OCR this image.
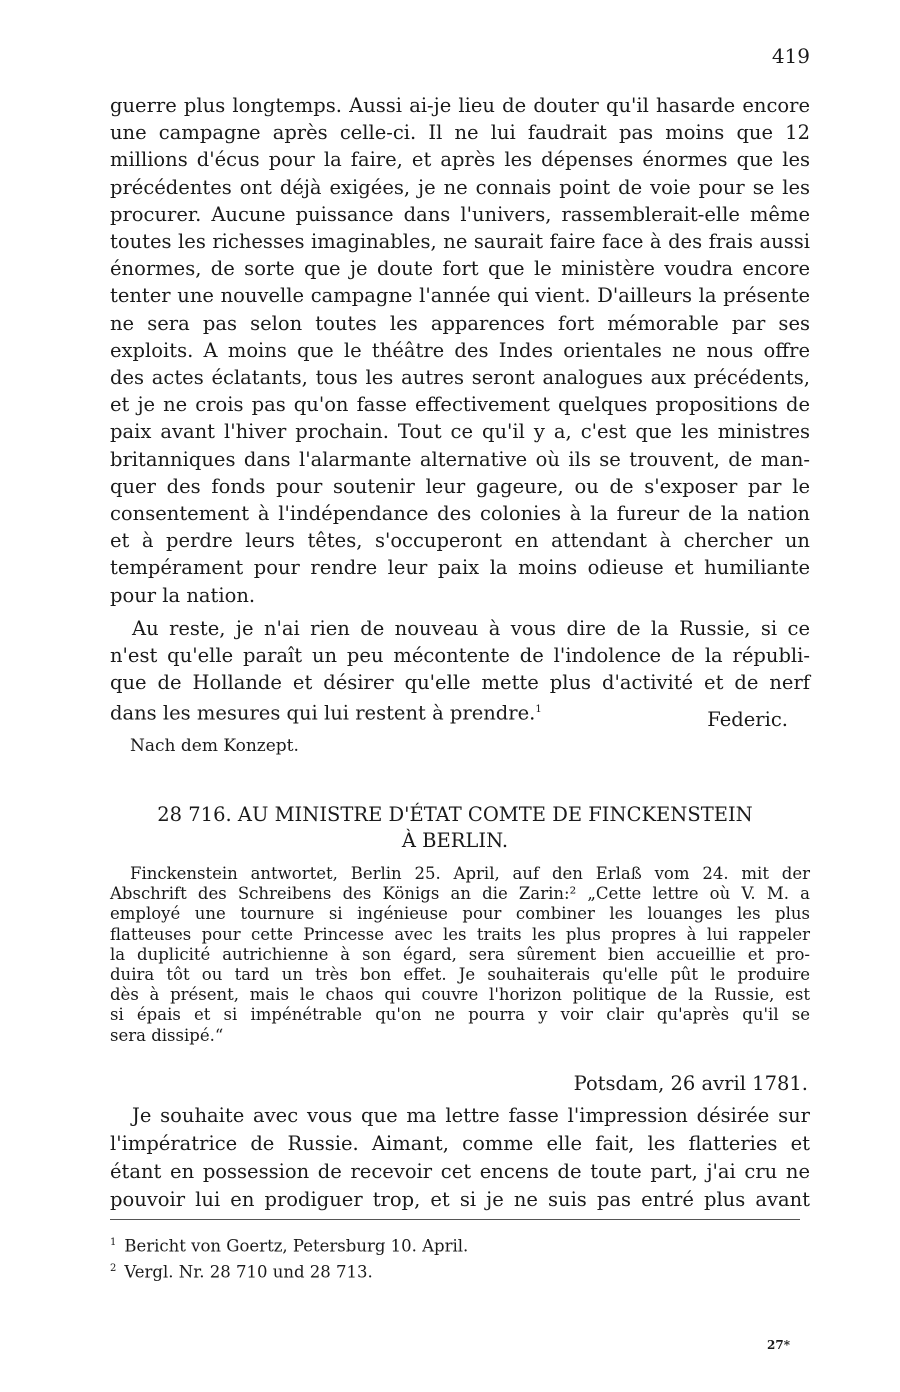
419
guerre plus longtemps. Aussi ai-je lieu de douter qu'il hasarde encore
une campagne après celle-ci. Il ne lui faudrait pas moins que 12
millions d'écus pour la faire, et après les dépenses énormes que les
précédentes ont déjà exigées, je ne connais point de voie pour se les
procurer. Aucune puissance dans l'univers, rassemblerait-elle même
toutes les richesses imaginables, ne saurait faire face à des frais aussi
énormes, de sorte que je doute fort que le ministère voudra encore
tenter une nouvelle campagne l'année qui vient. D'ailleurs la présente
ne sera pas selon toutes les apparences fort mémorable par ses
exploits. A moins que le théâtre des Indes orientales ne nous offre
des actes éclatants, tous les autres seront analogues aux précédents,
et je ne crois pas qu'on fasse effectivement quelques propositions de
paix avant l'hiver prochain. Tout ce qu'il y a, c'est que les ministres
britanniques dans l'alarmante alternative où ils se trouvent, de man-
quer des fonds pour soutenir leur gageure, ou de s'exposer par le
consentement à l'indépendance des colonies à la fureur de la nation
et à perdre leurs têtes, s'occuperont en attendant à chercher un
tempérament pour rendre leur paix la moins odieuse et humiliante
pour la nation.
Au reste, je n'ai rien de nouveau à vous dire de la Russie, si ce
n'est qu'elle paraît un peu mécontente de l'indolence de la républi-
que de Hollande et désirer qu'elle mette plus d'activité et de nerf
dans les mesures qui lui restent à prendre.$^1$	Federic.
Nach dem Konzept.
28 716. AU MINISTRE D'ÉTAT COMTE DE FINCKENSTEIN
À BERLIN.
Finckenstein antwortet, Berlin 25. April, auf den Erlaß vom 24. mit der
Abschrift des Schreibens des Königs an die Zarin:² „Cette lettre où V. M. a
employé une tournure si ingénieuse pour combiner les louanges les plus
flatteuses pour cette Princesse avec les traits les plus propres à lui rappeler
la duplicité autrichienne à son égard, sera sûrement bien accueillie et pro-
duira tôt ou tard un très bon effet. Je souhaiterais qu'elle pût le produire
dès à présent, mais le chaos qui couvre l'horizon politique de la Russie, est
si épais et si impénétrable qu'on ne pourra y voir clair qu'après qu'il se
sera dissipé.“
Potsdam, 26 avril 1781.
Je souhaite avec vous que ma lettre fasse l'impression désirée sur
l'impératrice de Russie. Aimant, comme elle fait, les flatteries et
étant en possession de recevoir cet encens de toute part, j'ai cru ne
pouvoir lui en prodiguer trop, et si je ne suis pas entré plus avant
$^1$ Bericht von Goertz, Petersburg 10. April.
$^2$ Vergl. Nr. 28 710 und 28 713.
27*
